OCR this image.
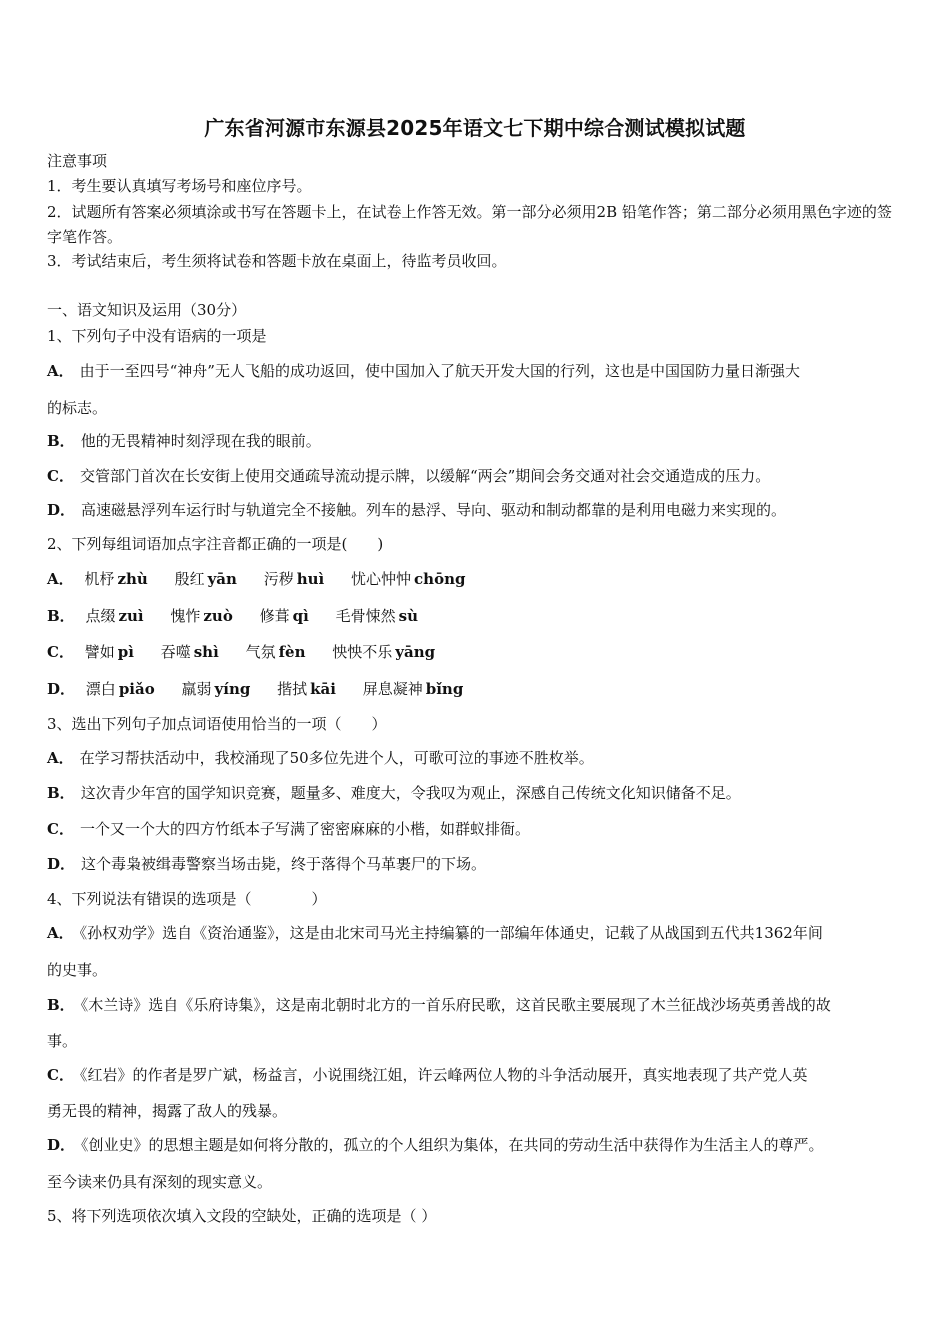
广东省河源市东源县2025年语文七下期中综合测试模拟试题
注意事项
1．考生要认真填写考场号和座位序号。
2．试题所有答案必须填涂或书写在答题卡上，在试卷上作答无效。第一部分必须用2B 铅笔作答；第二部分必须用黑色字迹的签字笔作答。
3．考试结束后，考生须将试卷和答题卡放在桌面上，待监考员收回。
一、语文知识及运用（30分）
1、下列句子中没有语病的一项是
A． 由于一至四号“神舟”无人飞船的成功返回，使中国加入了航天开发大国的行列，这也是中国国防力量日渐强大
的标志。
B． 他的无畏精神时刻浮现在我的眼前。
C． 交管部门首次在长安街上使用交通疏导流动提示牌，以缓解“两会”期间会务交通对社会交通造成的压力。
D． 高速磁悬浮列车运行时与轨道完全不接触。列车的悬浮、导向、驱动和制动都靠的是利用电磁力来实现的。
2、下列每组词语加点字注音都正确的一项是(　　)
A． 机杼 zhù 殷红 yān 污秽 huì 忧心忡忡 chōng
B． 点缀 zuì 愧怍 zuò 修葺 qì 毛骨悚然 sù
C． 譬如 pì 吞噬 shì 气氛 fèn 怏怏不乐 yāng
D． 漂白 piǎo 羸弱 yíng 揩拭 kāi 屏息凝神 bǐng
3、选出下列句子加点词语使用恰当的一项（　　）
A． 在学习帮扶活动中，我校涌现了50多位先进个人，可歌可泣的事迹不胜枚举。
B． 这次青少年宫的国学知识竞赛，题量多、难度大，令我叹为观止，深感自己传统文化知识储备不足。
C． 一个又一个大的四方竹纸本子写满了密密麻麻的小楷，如群蚁排衙。
D． 这个毒枭被缉毒警察当场击毙，终于落得个马革裹尸的下场。
4、下列说法有错误的选项是（　　　　）
A． 《孙权劝学》选自《资治通鉴》，这是由北宋司马光主持编纂的一部编年体通史，记载了从战国到五代共1362年间
的史事。
B． 《木兰诗》选自《乐府诗集》，这是南北朝时北方的一首乐府民歌，这首民歌主要展现了木兰征战沙场英勇善战的故
事。
C． 《红岩》的作者是罗广斌，杨益言，小说围绕江姐，许云峰两位人物的斗争活动展开，真实地表现了共产党人英
勇无畏的精神，揭露了敌人的残暴。
D． 《创业史》的思想主题是如何将分散的，孤立的个人组织为集体，在共同的劳动生活中获得作为生活主人的尊严。
至今读来仍具有深刻的现实意义。
5、将下列选项依次填入文段的空缺处，正确的选项是（ ）
